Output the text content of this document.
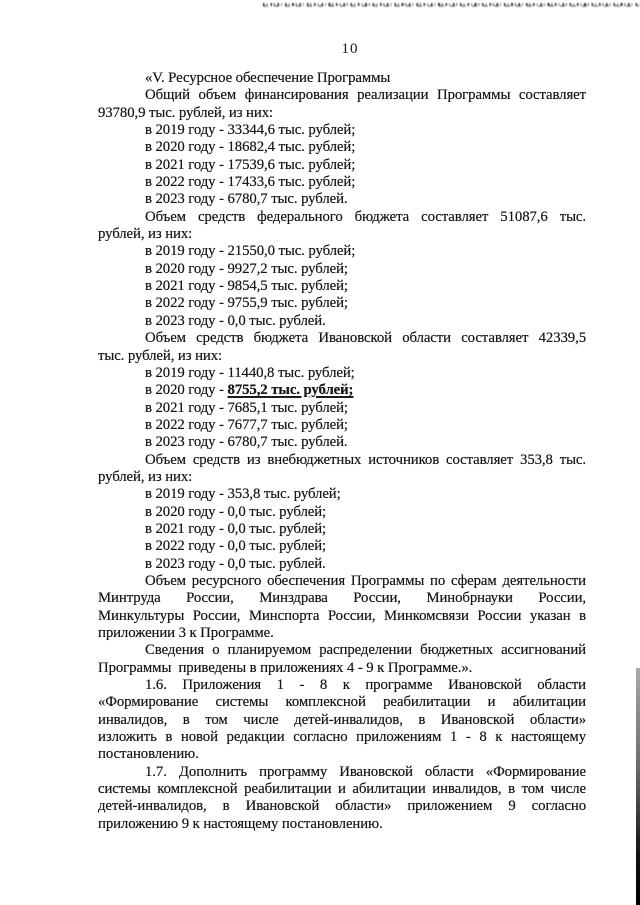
10
«V. Ресурсное обеспечение Программы
Общий объем финансирования реализации Программы составляет
93780,9 тыс. рублей, из них:
в 2019 году - 33344,6 тыс. рублей;
в 2020 году - 18682,4 тыс. рублей;
в 2021 году - 17539,6 тыс. рублей;
в 2022 году - 17433,6 тыс. рублей;
в 2023 году - 6780,7 тыс. рублей.
Объем средств федерального бюджета составляет 51087,6 тыс.
рублей, из них:
в 2019 году - 21550,0 тыс. рублей;
в 2020 году - 9927,2 тыс. рублей;
в 2021 году - 9854,5 тыс. рублей;
в 2022 году - 9755,9 тыс. рублей;
в 2023 году - 0,0 тыс. рублей.
Объем средств бюджета Ивановской области составляет 42339,5
тыс. рублей, из них:
в 2019 году - 11440,8 тыс. рублей;
в 2020 году - 8755,2 тыс. рублей;
в 2021 году - 7685,1 тыс. рублей;
в 2022 году - 7677,7 тыс. рублей;
в 2023 году - 6780,7 тыс. рублей.
Объем средств из внебюджетных источников составляет 353,8 тыс.
рублей, из них:
в 2019 году - 353,8 тыс. рублей;
в 2020 году - 0,0 тыс. рублей;
в 2021 году - 0,0 тыс. рублей;
в 2022 году - 0,0 тыс. рублей;
в 2023 году - 0,0 тыс. рублей.
Объем ресурсного обеспечения Программы по сферам деятельности
Минтруда России, Минздрава России, Минобрнауки России,
Минкультуры России, Минспорта России, Минкомсвязи России указан в
приложении 3 к Программе.
Сведения о планируемом распределении бюджетных ассигнований
Программы  приведены в приложениях 4 - 9 к Программе.».
1.6. Приложения 1 - 8 к программе Ивановской области
«Формирование системы комплексной реабилитации и абилитации
инвалидов, в том числе детей-инвалидов, в Ивановской области»
изложить в новой редакции согласно приложениям 1 - 8 к настоящему
постановлению.
1.7. Дополнить программу Ивановской области «Формирование
системы комплексной реабилитации и абилитации инвалидов, в том числе
детей-инвалидов, в Ивановской области» приложением 9 согласно
приложению 9 к настоящему постановлению.
